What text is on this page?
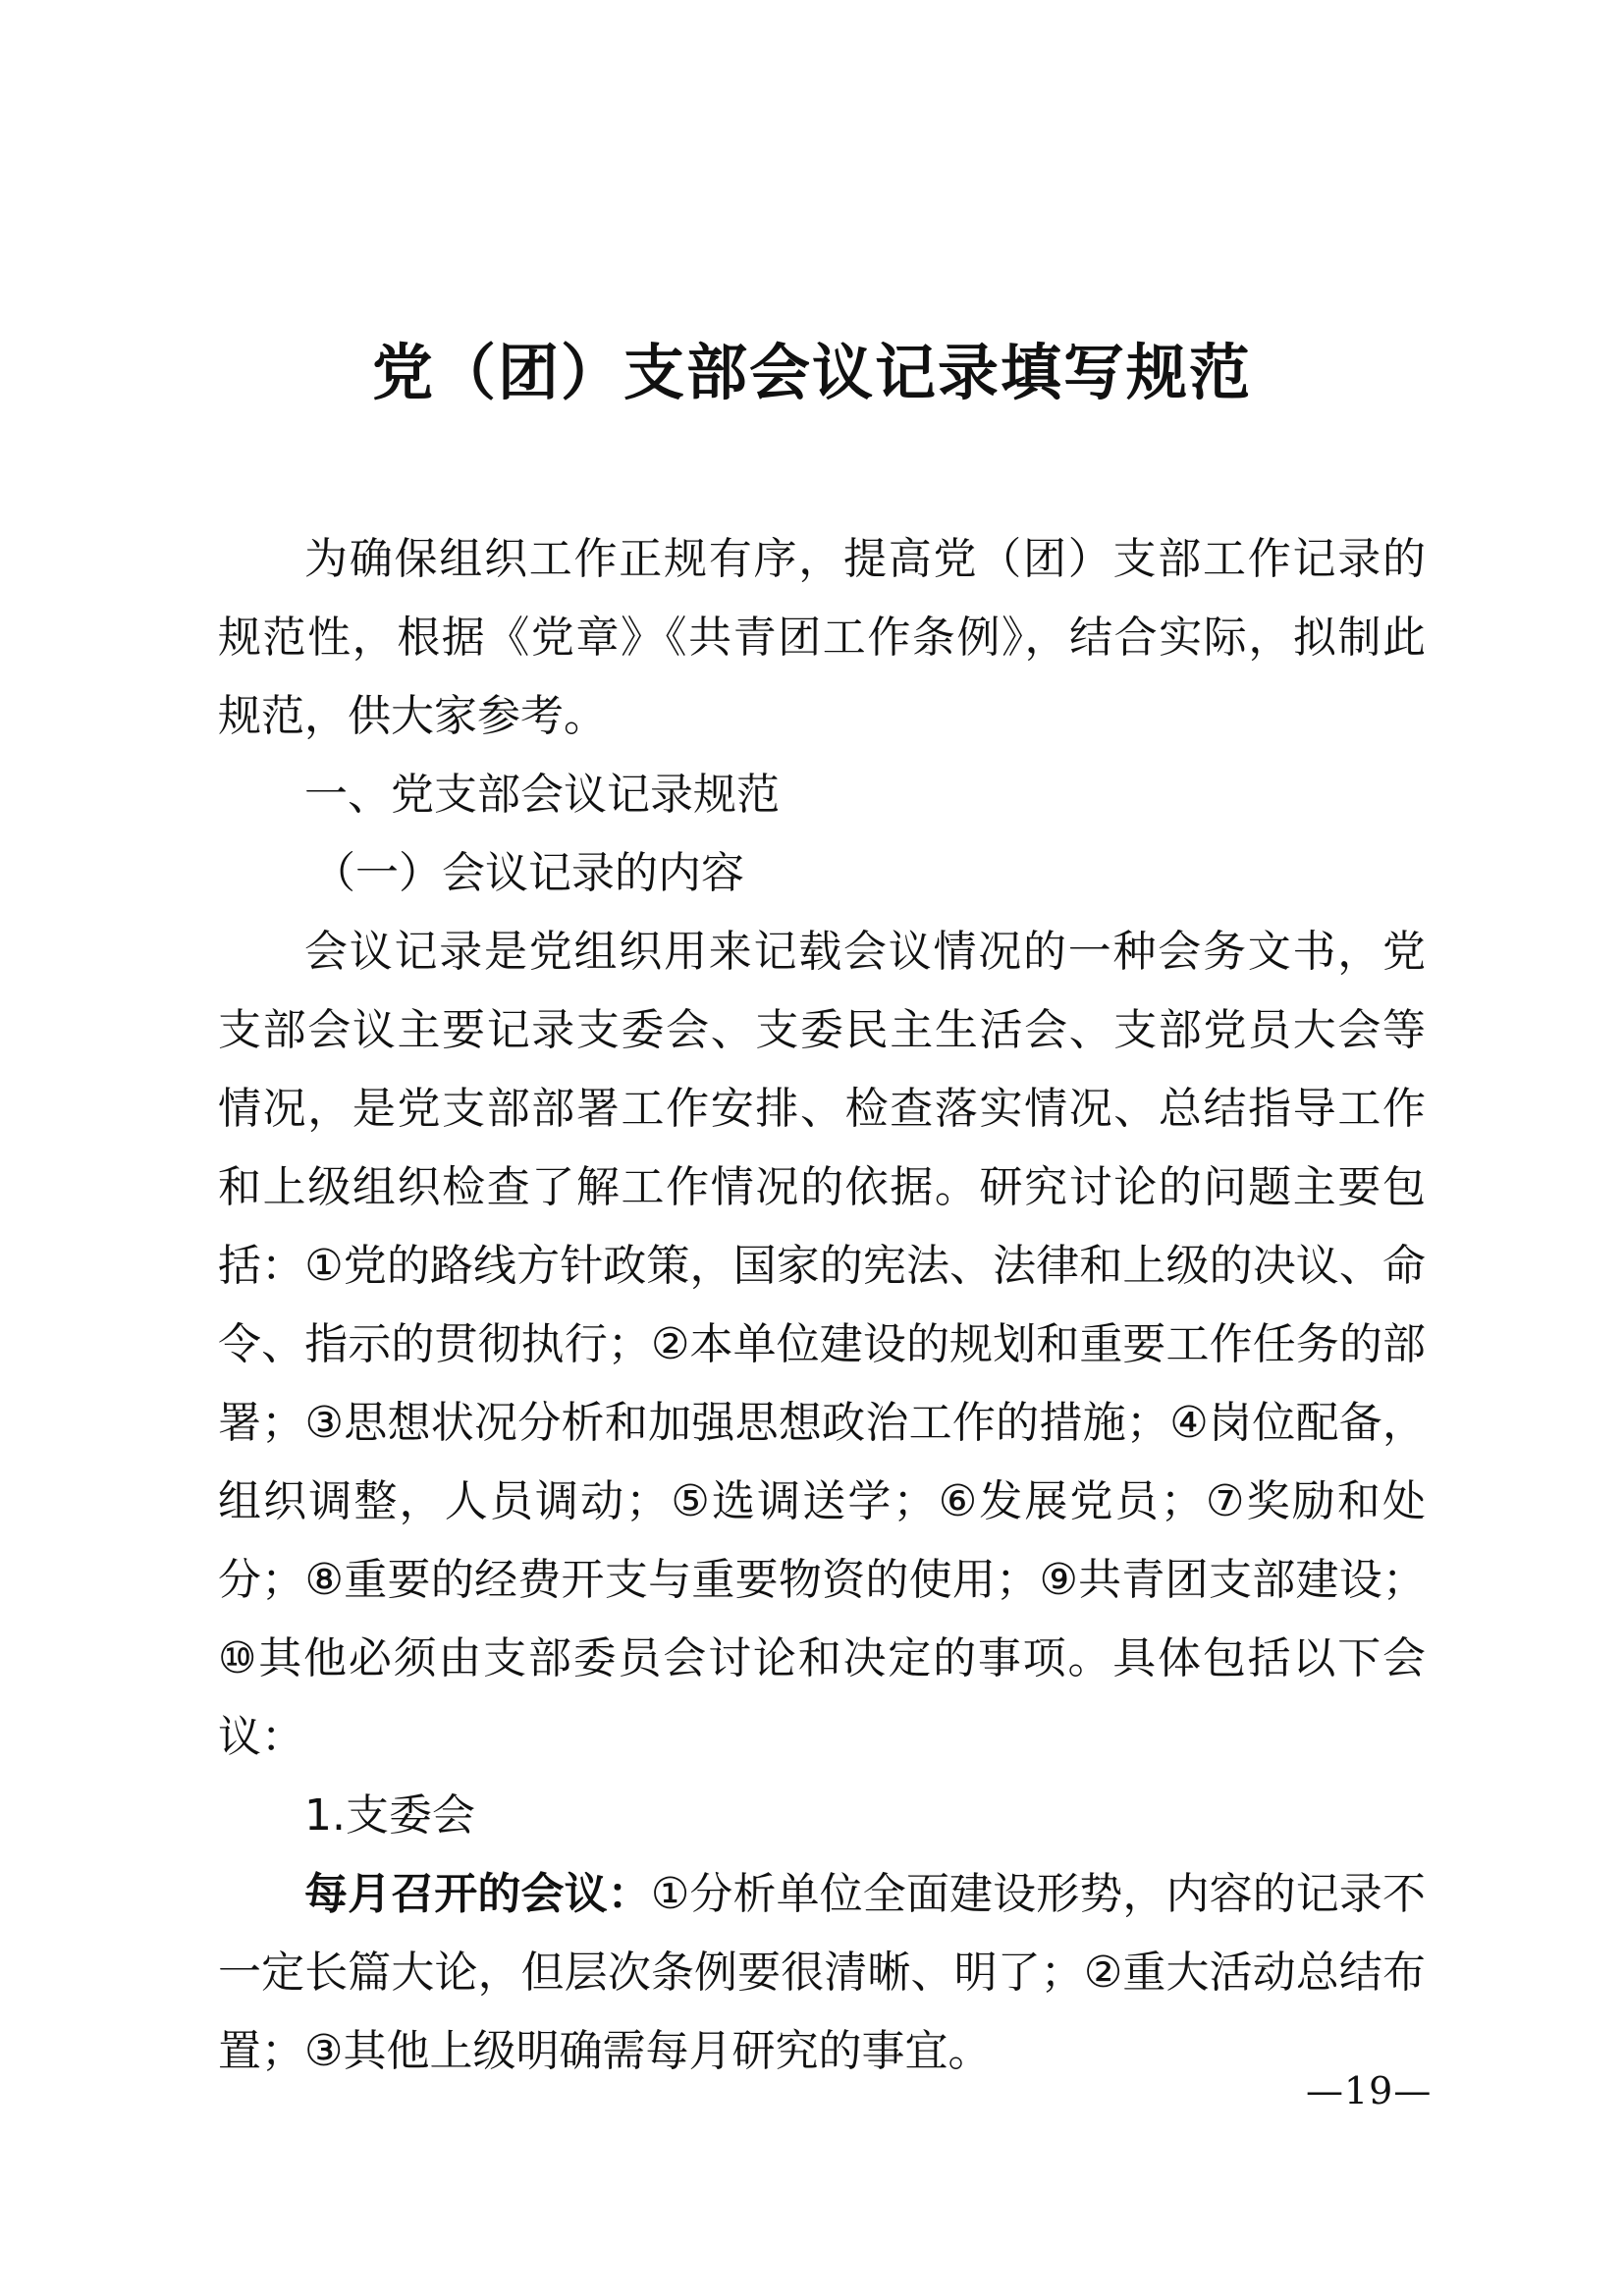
党（团）支部会议记录填写规范

为确保组织工作正规有序，提高党（团）支部工作记录的规范性，根据《党章》《共青团工作条例》，结合实际，拟制此规范，供大家参考。

一、党支部会议记录规范

（一）会议记录的内容

会议记录是党组织用来记载会议情况的一种会务文书，党支部会议主要记录支委会、支委民主生活会、支部党员大会等情况，是党支部部署工作安排、检查落实情况、总结指导工作和上级组织检查了解工作情况的依据。研究讨论的问题主要包括：①党的路线方针政策，国家的宪法、法律和上级的决议、命令、指示的贯彻执行；②本单位建设的规划和重要工作任务的部署；③思想状况分析和加强思想政治工作的措施；④岗位配备，组织调整，人员调动；⑤选调送学；⑥发展党员；⑦奖励和处分；⑧重要的经费开支与重要物资的使用；⑨共青团支部建设；⑩其他必须由支部委员会讨论和决定的事项。具体包括以下会议：

1.支委会

每月召开的会议：①分析单位全面建设形势，内容的记录不一定长篇大论，但层次条例要很清晰、明了；②重大活动总结布置；③其他上级明确需每月研究的事宜。

—19—
